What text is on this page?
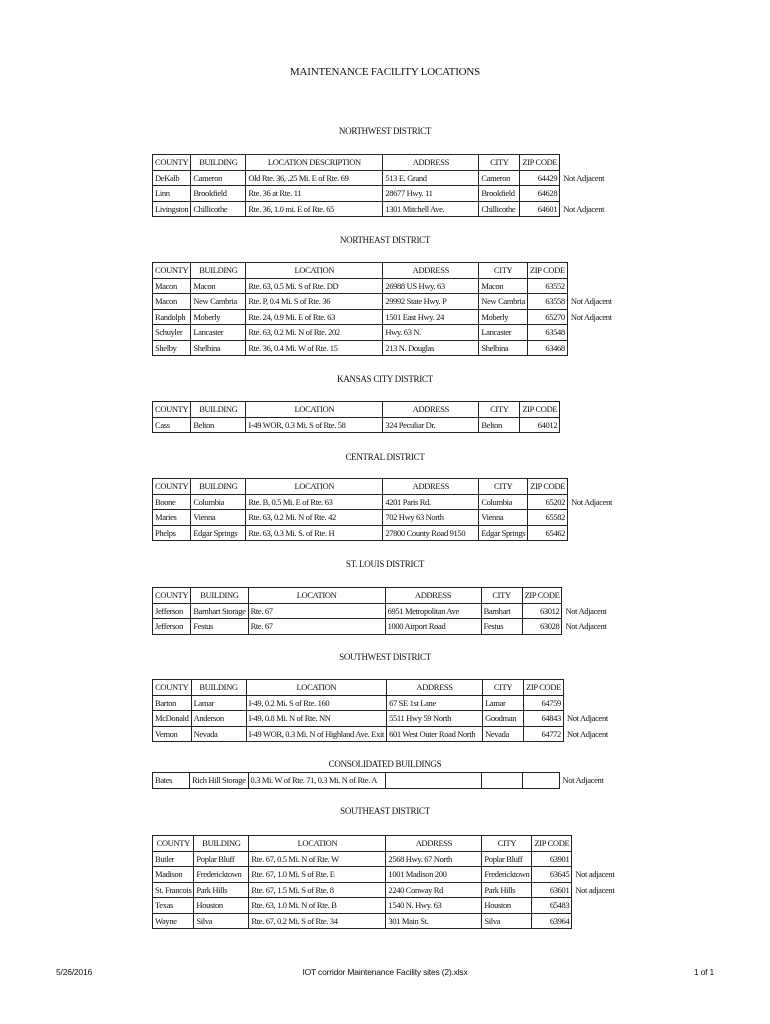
MAINTENANCE FACILITY LOCATIONS
NORTHWEST DISTRICT
COUNTY	BUILDING	LOCATION DESCRIPTION	ADDRESS	CITY	ZIP CODE	
DeKalb	Cameron	Old Rte. 36, .25 Mi. E of Rte. 69	513 E. Grand	Cameron	64429	Not Adjacent
Linn	Brookfield	Rte. 36 at Rte. 11	28677 Hwy. 11	Brookfield	64628	
Livingston	Chillicothe	Rte. 36, 1.0 mi. E of Rte. 65	1301 Mitchell Ave.	Chillicothe	64601	Not Adjacent
NORTHEAST DISTRICT
COUNTY	BUILDING	LOCATION	ADDRESS	CITY	ZIP CODE	
Macon	Macon	Rte. 63, 0.5 Mi. S of Rte. DD	26988 US Hwy. 63	Macon	63552	
Macon	New Cambria	Rte. P, 0.4 Mi. S of Rte. 36	29992 State Hwy. P	New Cambria	63558	Not Adjacent
Randolph	Moberly	Rte. 24, 0.9 Mi. E of Rte. 63	1501 East Hwy. 24	Moberly	65270	Not Adjacent
Schuyler	Lancaster	Rte. 63, 0.2 Mi. N of Rte. 202	Hwy. 63 N.	Lancaster	63548	
Shelby	Shelbina	Rte. 36, 0.4 Mi. W of Rte. 15	213 N. Douglas	Shelbina	63468	
KANSAS CITY DISTRICT
COUNTY	BUILDING	LOCATION	ADDRESS	CITY	ZIP CODE	
Cass	Belton	I-49 WOR, 0.3 Mi. S of Rte. 58	324 Peculiar Dr.	Belton	64012	
CENTRAL DISTRICT
COUNTY	BUILDING	LOCATION	ADDRESS	CITY	ZIP CODE	
Boone	Columbia	Rte. B, 0.5 Mi. E of Rte. 63	4201 Paris Rd.	Columbia	65202	Not Adjacent
Maries	Vienna	Rte. 63, 0.2 Mi. N of Rte. 42	702 Hwy 63 North	Vienna	65582	
Phelps	Edgar Springs	Rte. 63, 0.3 Mi. S. of Rte. H	27800 County Road 9150	Edgar Springs	65462	
ST. LOUIS DISTRICT
COUNTY	BUILDING	LOCATION	ADDRESS	CITY	ZIP CODE	
Jefferson	Barnhart Storage	Rte. 67	6951 Metropolitan Ave	Barnhart	63012	Not Adjacent
Jefferson	Festus	Rte. 67	1000 Airport Road	Festus	63028	Not Adjacent
SOUTHWEST DISTRICT
COUNTY	BUILDING	LOCATION	ADDRESS	CITY	ZIP CODE	
Barton	Lamar	I-49, 0.2 Mi. S of Rte. 160	67 SE 1st Lane	Lamar	64759	
McDonald	Anderson	I-49, 0.8 Mi. N of Rte. NN	5511 Hwy 59 North	Goodman	64843	Not Adjacent
Vernon	Nevada	I-49 WOR, 0.3 Mi. N of Highland Ave. Exit	601 West Outer Road North	Nevada	64772	Not Adjacent
CONSOLIDATED BUILDINGS
Bates	Rich Hill Storage	0.3 Mi. W of Rte. 71, 0.3 Mi. N of Rte. A				Not Adjacent
SOUTHEAST DISTRICT
COUNTY	BUILDING	LOCATION	ADDRESS	CITY	ZIP CODE	
Butler	Poplar Bluff	Rte. 67, 0.5 Mi. N of Rte. W	2568 Hwy. 67 North	Poplar Bluff	63901	
Madison	Fredericktown	Rte. 67, 1.0 Mi. S of Rte. E	1001 Madison 200	Fredericktown	63645	Not adjacent
St. Francois	Park Hills	Rte. 67, 1.5 Mi. S of Rte. 8	2240 Conway Rd	Park Hills	63601	Not adjacent
Texas	Houston	Rte. 63, 1.0 Mi. N of Rte. B	1540 N. Hwy. 63	Houston	65483	
Wayne	Silva	Rte. 67, 0.2 Mi. S of Rte. 34	301 Main St.	Silva	63964	
5/26/2016	IOT corridor Maintenance Facility sites (2).xlsx	1 of 1
